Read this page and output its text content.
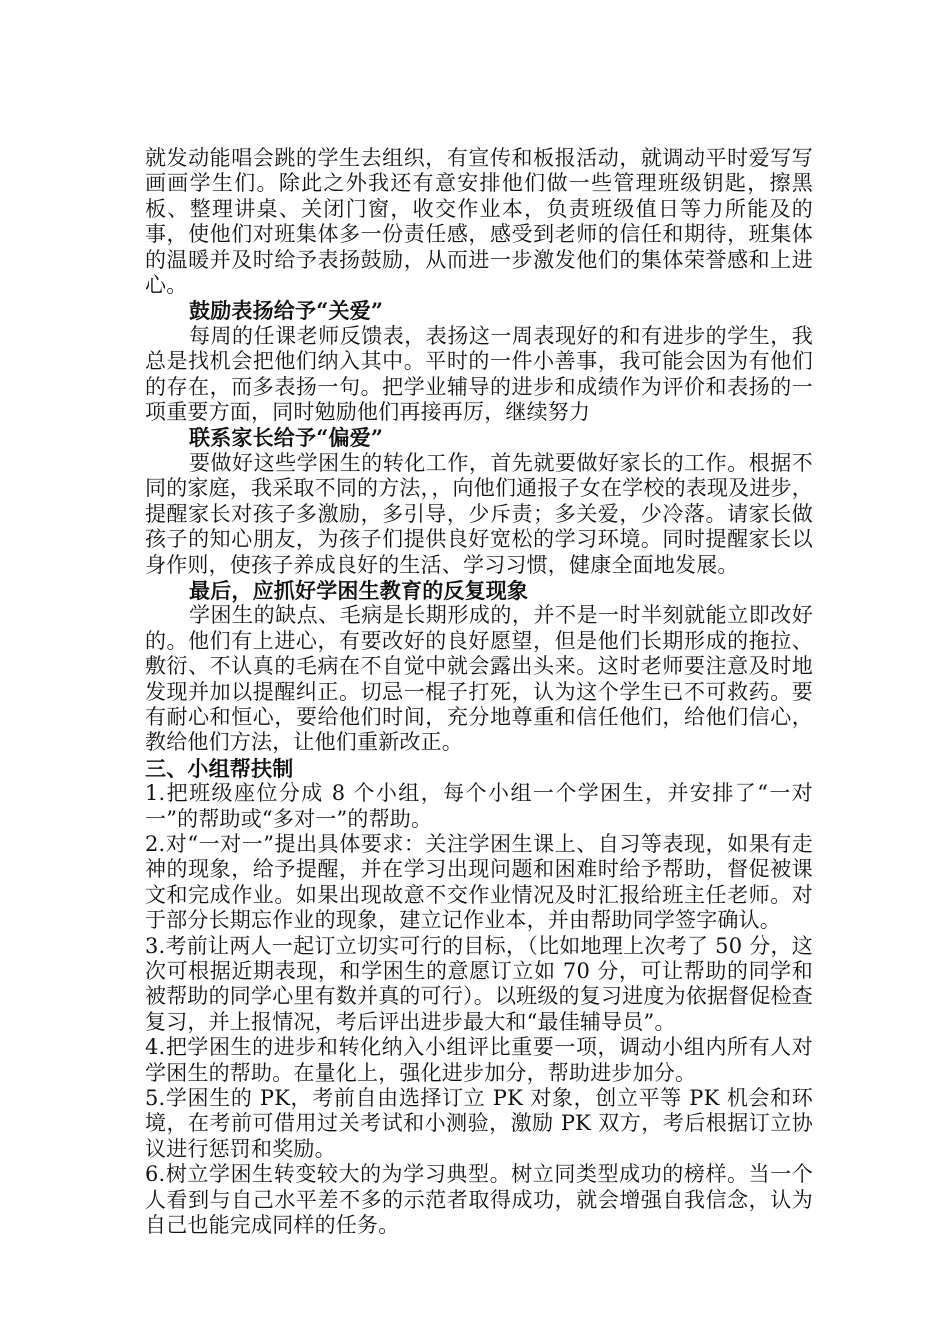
就发动能唱会跳的学生去组织，有宣传和板报活动，就调动平时爱写写画画学生们。除此之外我还有意安排他们做一些管理班级钥匙，擦黑板、整理讲桌、关闭门窗，收交作业本，负责班级值日等力所能及的事，使他们对班集体多一份责任感，感受到老师的信任和期待，班集体的温暖并及时给予表扬鼓励，从而进一步激发他们的集体荣誉感和上进心。

鼓励表扬给予“关爱”

每周的任课老师反馈表，表扬这一周表现好的和有进步的学生，我总是找机会把他们纳入其中。平时的一件小善事，我可能会因为有他们的存在，而多表扬一句。把学业辅导的进步和成绩作为评价和表扬的一项重要方面，同时勉励他们再接再厉，继续努力

联系家长给予“偏爱”

要做好这些学困生的转化工作，首先就要做好家长的工作。根据不同的家庭，我采取不同的方法，，向他们通报子女在学校的表现及进步，提醒家长对孩子多激励，多引导，少斥责；多关爱，少冷落。请家长做孩子的知心朋友，为孩子们提供良好宽松的学习环境。同时提醒家长以身作则，使孩子养成良好的生活、学习习惯，健康全面地发展。

最后，应抓好学困生教育的反复现象

学困生的缺点、毛病是长期形成的，并不是一时半刻就能立即改好的。他们有上进心，有要改好的良好愿望，但是他们长期形成的拖拉、敷衍、不认真的毛病在不自觉中就会露出头来。这时老师要注意及时地发现并加以提醒纠正。切忌一棍子打死，认为这个学生已不可救药。要有耐心和恒心，要给他们时间，充分地尊重和信任他们，给他们信心，教给他们方法，让他们重新改正。

三、小组帮扶制

1.把班级座位分成 8 个小组，每个小组一个学困生，并安排了“一对一”的帮助或“多对一”的帮助。

2.对“一对一”提出具体要求：关注学困生课上、自习等表现，如果有走神的现象，给予提醒，并在学习出现问题和困难时给予帮助，督促被课文和完成作业。如果出现故意不交作业情况及时汇报给班主任老师。对于部分长期忘作业的现象，建立记作业本，并由帮助同学签字确认。

3.考前让两人一起订立切实可行的目标，（比如地理上次考了 50 分，这次可根据近期表现，和学困生的意愿订立如 70 分，可让帮助的同学和被帮助的同学心里有数并真的可行）。以班级的复习进度为依据督促检查复习，并上报情况，考后评出进步最大和“最佳辅导员”。

4.把学困生的进步和转化纳入小组评比重要一项，调动小组内所有人对学困生的帮助。在量化上，强化进步加分，帮助进步加分。

5.学困生的 PK，考前自由选择订立 PK 对象，创立平等 PK 机会和环境，在考前可借用过关考试和小测验，激励 PK 双方，考后根据订立协议进行惩罚和奖励。

6.树立学困生转变较大的为学习典型。树立同类型成功的榜样。当一个人看到与自己水平差不多的示范者取得成功，就会增强自我信念，认为自己也能完成同样的任务。
